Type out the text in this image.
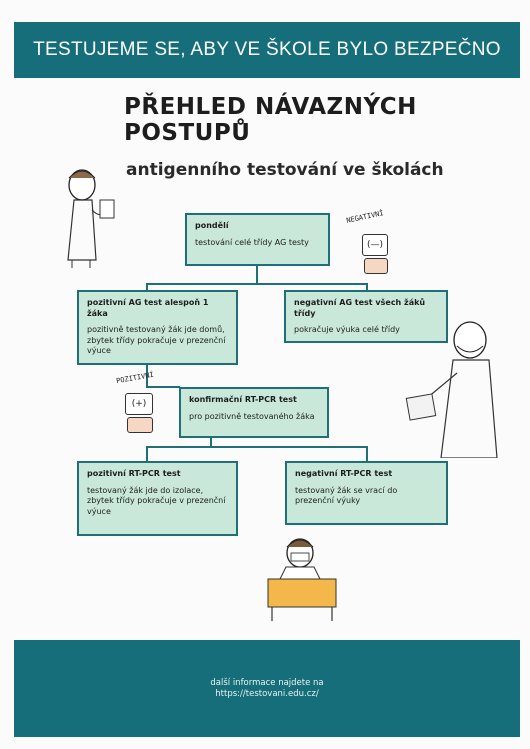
TESTUJEME SE, ABY VE ŠKOLE BYLO BEZPEČNO
PŘEHLED NÁVAZNÝCH POSTUPŮ
antigenního testování ve školách
pondělí
testování celé třídy AG testy
pozitivní AG test alespoň 1 žáka
pozitivně testovaný žák jde domů, zbytek třídy pokračuje v prezenční výuce
negativní AG test všech žáků třídy
pokračuje výuka celé třídy
konfirmační RT-PCR test
pro pozitivně testovaného žáka
pozitivní RT-PCR test
testovaný žák jde do izolace, zbytek třídy pokračuje v prezenční výuce
negativní RT-PCR test
testovaný žák se vrací do prezenční výuky
NEGATIVNÍ
(—)
POZITIVNÍ
(+)
další informace najdete na
https://testovani.edu.cz/
